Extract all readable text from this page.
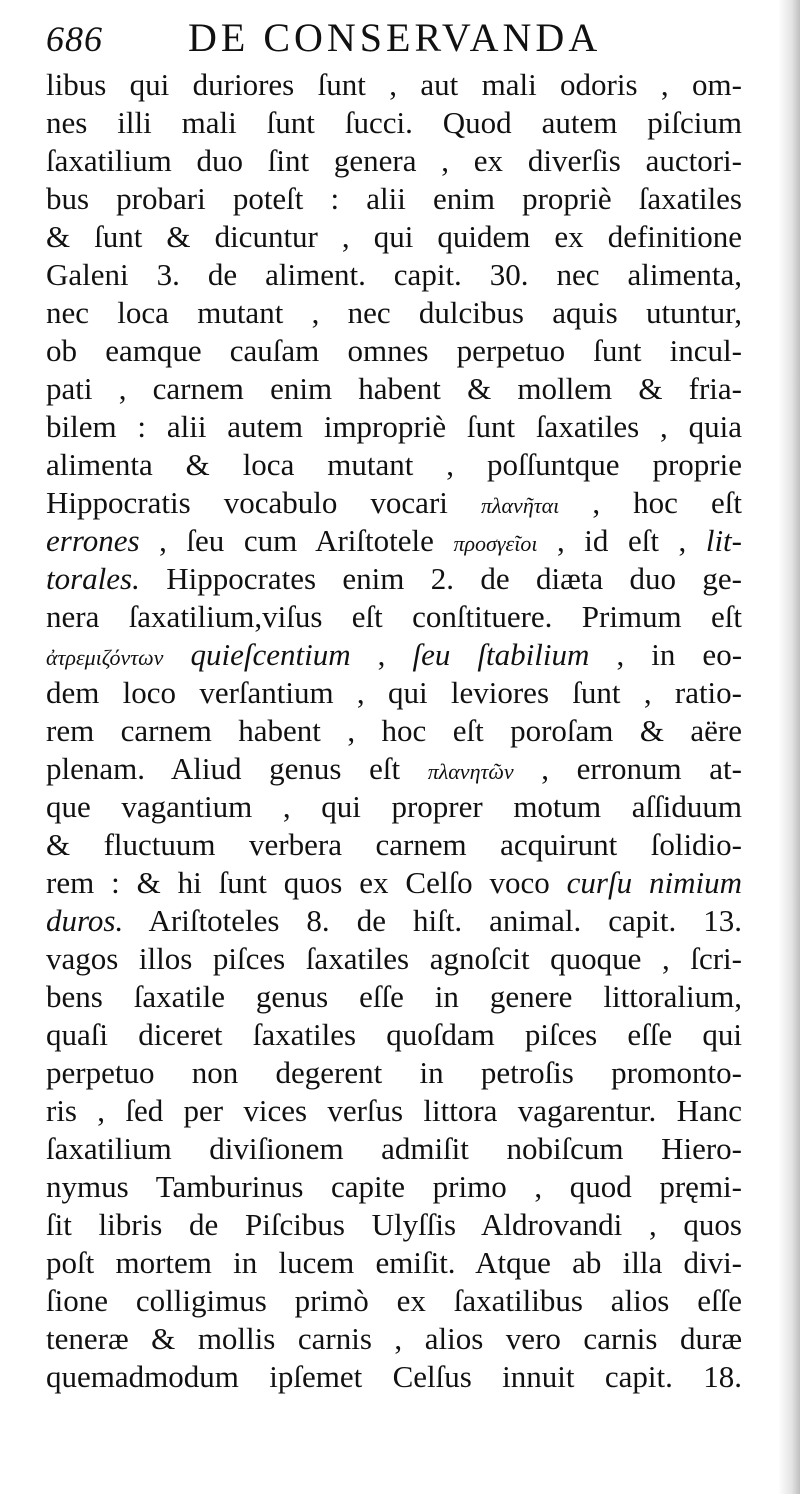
686 DE CONSERVANDA
libus qui duriores ſunt , aut mali odoris , om-
nes illi mali ſunt ſucci. Quod autem piſcium
ſaxatilium duo ſint genera , ex diverſis auctori-
bus probari poteſt : alii enim propriè ſaxatiles
& ſunt & dicuntur , qui quidem ex definitione
Galeni 3. de aliment. capit. 30. nec alimenta,
nec loca mutant , nec dulcibus aquis utuntur,
ob eamque cauſam omnes perpetuo ſunt incul-
pati , carnem enim habent & mollem & fria-
bilem : alii autem impropriè ſunt ſaxatiles , quia
alimenta & loca mutant , poſſuntque proprie
Hippocratis vocabulo vocari πλανῆται , hoc eſt
errones , ſeu cum Ariſtotele προσγεῖοι , id eſt , lit-
torales. Hippocrates enim 2. de diæta duo ge-
nera ſaxatilium,viſus eſt conſtituere. Primum eſt
ἀτρεμιζόντων quieſcentium , ſeu ſtabilium , in eo-
dem loco verſantium , qui leviores ſunt , ratio-
rem carnem habent , hoc eſt poroſam & aëre
plenam. Aliud genus eſt πλανητῶν , erronum at-
que vagantium , qui proprer motum aſſiduum
& fluctuum verbera carnem acquirunt ſolidio-
rem : & hi ſunt quos ex Celſo voco curſu nimium
duros. Ariſtoteles 8. de hiſt. animal. capit. 13.
vagos illos piſces ſaxatiles agnoſcit quoque , ſcri-
bens ſaxatile genus eſſe in genere littoralium,
quaſi diceret ſaxatiles quoſdam piſces eſſe qui
perpetuo non degerent in petroſis promonto-
ris , ſed per vices verſus littora vagarentur. Hanc
ſaxatilium diviſionem admiſit nobiſcum Hiero-
nymus Tamburinus capite primo , quod pręmi-
ſit libris de Piſcibus Ulyſſis Aldrovandi , quos
poſt mortem in lucem emiſit. Atque ab illa divi-
ſione colligimus primò ex ſaxatilibus alios eſſe
teneræ & mollis carnis , alios vero carnis duræ
quemadmodum ipſemet Celſus innuit capit. 18.
